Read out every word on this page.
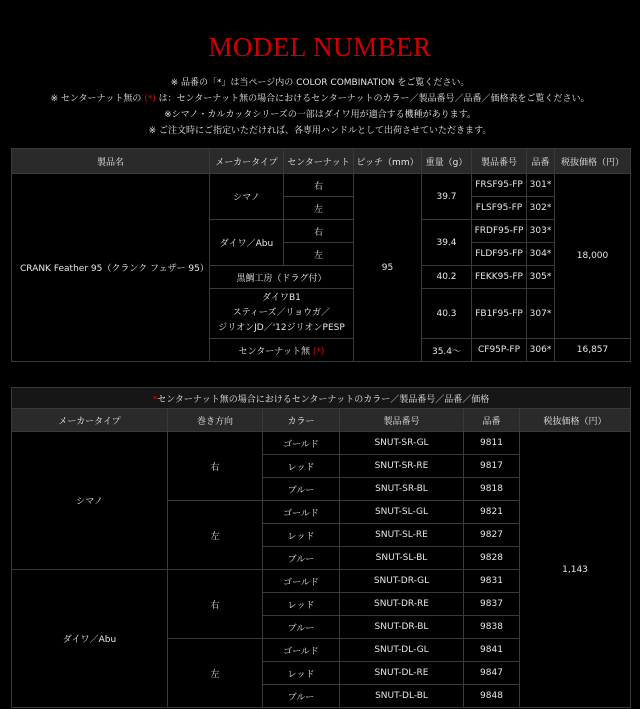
MODEL NUMBER
※ 品番の「*」は当ページ内の COLOR COMBINATION をご覧ください。
※ センターナット無の (*) は：センターナット無の場合におけるセンターナットのカラー／製品番号／品番／価格表をご覧ください。
※シマノ・カルカッタシリーズの一部はダイワ用が適合する機種があります。
※ ご注文時にご指定いただければ、各専用ハンドルとして出荷させていただきます。
製品名	メーカータイプ	センターナット	ピッチ（mm）	重量（g）	製品番号	品番	税抜価格（円）
CRANK Feather 95（クランク フェザー 95）	シマノ	右	95	39.7	FRSF95-FP	301*	18,000
		左			FLSF95-FP	302*	
	ダイワ／Abu	右		39.4	FRDF95-FP	303*	
		左			FLDF95-FP	304*	
	黒鯛工房（ドラグ付）			40.2	FEKK95-FP	305*	

	ダイワB1
スティーズ／リョウガ／
ジリオンJD／'12ジリオンPESP			40.3	FB1F95-FP	307*	
	センターナット無 (*)			35.4～	CF95P-FP	306*	16,857
*センターナット無の場合におけるセンターナットのカラー／製品番号／品番／価格					
メーカータイプ	巻き方向	カラー	製品番号	品番	税抜価格（円）
シマノ	右	ゴールド	SNUT-SR-GL	9811	1,143
		レッド	SNUT-SR-RE	9817	
		ブルー	SNUT-SR-BL	9818	
	左	ゴールド	SNUT-SL-GL	9821	
		レッド	SNUT-SL-RE	9827	
		ブルー	SNUT-SL-BL	9828	
ダイワ／Abu	右	ゴールド	SNUT-DR-GL	9831	
		レッド	SNUT-DR-RE	9837	
		ブルー	SNUT-DR-BL	9838	
	左	ゴールド	SNUT-DL-GL	9841	
		レッド	SNUT-DL-RE	9847	
		ブルー	SNUT-DL-BL	9848	
